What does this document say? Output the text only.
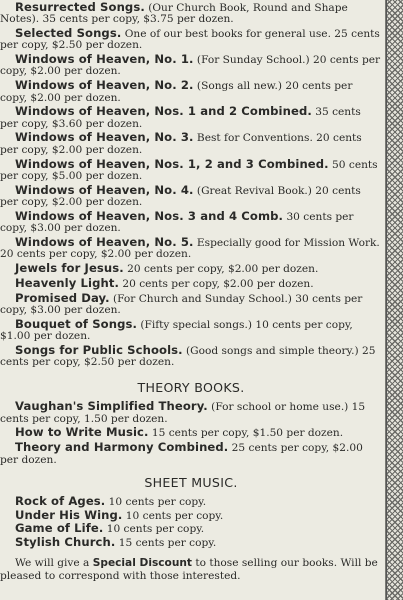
Resurrected Songs. (Our Church Book, Round and Shape Notes). 35 cents per copy, $3.75 per dozen.
Selected Songs. One of our best books for general use. 25 cents per copy, $2.50 per dozen.
Windows of Heaven, No. 1. (For Sunday School.) 20 cents per copy, $2.00 per dozen.
Windows of Heaven, No. 2. (Songs all new.) 20 cents per copy, $2.00 per dozen.
Windows of Heaven, Nos. 1 and 2 Combined. 35 cents per copy, $3.60 per dozen.
Windows of Heaven, No. 3. Best for Conventions. 20 cents per copy, $2.00 per dozen.
Windows of Heaven, Nos. 1, 2 and 3 Combined. 50 cents per copy, $5.00 per dozen.
Windows of Heaven, No. 4. (Great Revival Book.) 20 cents per copy, $2.00 per dozen.
Windows of Heaven, Nos. 3 and 4 Comb. 30 cents per copy, $3.00 per dozen.
Windows of Heaven, No. 5. Especially good for Mission Work. 20 cents per copy, $2.00 per dozen.
Jewels for Jesus. 20 cents per copy, $2.00 per dozen.
Heavenly Light. 20 cents per copy, $2.00 per dozen.
Promised Day. (For Church and Sunday School.) 30 cents per copy, $3.00 per dozen.
Bouquet of Songs. (Fifty special songs.) 10 cents per copy, $1.00 per dozen.
Songs for Public Schools. (Good songs and simple theory.) 25 cents per copy, $2.50 per dozen.
THEORY BOOKS.
Vaughan's Simplified Theory. (For school or home use.) 15 cents per copy, 1.50 per dozen.
How to Write Music. 15 cents per copy, $1.50 per dozen.
Theory and Harmony Combined. 25 cents per copy, $2.00 per dozen.
SHEET MUSIC.
Rock of Ages. 10 cents per copy.
Under His Wing. 10 cents per copy.
Game of Life. 10 cents per copy.
Stylish Church. 15 cents per copy.
We will give a Special Discount to those selling our books. Will be pleased to correspond with those interested.
